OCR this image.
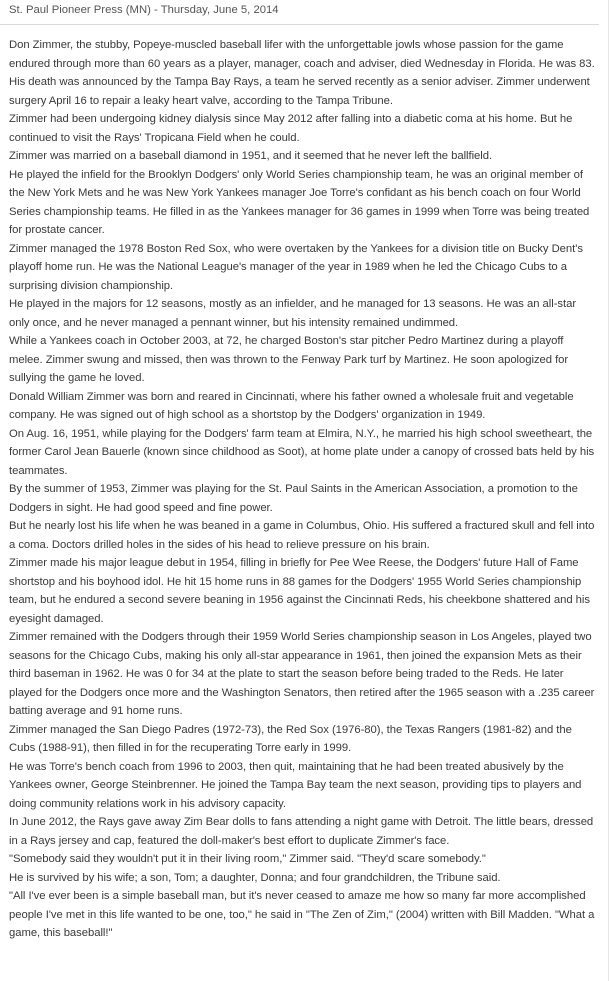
St. Paul Pioneer Press (MN) - Thursday, June 5, 2014

Don Zimmer, the stubby, Popeye-muscled baseball lifer with the unforgettable jowls whose passion for the game endured through more than 60 years as a player, manager, coach and adviser, died Wednesday in Florida. He was 83.

His death was announced by the Tampa Bay Rays, a team he served recently as a senior adviser. Zimmer underwent surgery April 16 to repair a leaky heart valve, according to the Tampa Tribune.

Zimmer had been undergoing kidney dialysis since May 2012 after falling into a diabetic coma at his home. But he continued to visit the Rays' Tropicana Field when he could.

Zimmer was married on a baseball diamond in 1951, and it seemed that he never left the ballfield.

He played the infield for the Brooklyn Dodgers' only World Series championship team, he was an original member of the New York Mets and he was New York Yankees manager Joe Torre's confidant as his bench coach on four World Series championship teams. He filled in as the Yankees manager for 36 games in 1999 when Torre was being treated for prostate cancer.

Zimmer managed the 1978 Boston Red Sox, who were overtaken by the Yankees for a division title on Bucky Dent's playoff home run. He was the National League's manager of the year in 1989 when he led the Chicago Cubs to a surprising division championship.

He played in the majors for 12 seasons, mostly as an infielder, and he managed for 13 seasons. He was an all-star only once, and he never managed a pennant winner, but his intensity remained undimmed.

While a Yankees coach in October 2003, at 72, he charged Boston's star pitcher Pedro Martinez during a playoff melee. Zimmer swung and missed, then was thrown to the Fenway Park turf by Martinez. He soon apologized for sullying the game he loved.

Donald William Zimmer was born and reared in Cincinnati, where his father owned a wholesale fruit and vegetable company. He was signed out of high school as a shortstop by the Dodgers' organization in 1949.

On Aug. 16, 1951, while playing for the Dodgers' farm team at Elmira, N.Y., he married his high school sweetheart, the former Carol Jean Bauerle (known since childhood as Soot), at home plate under a canopy of crossed bats held by his teammates.

By the summer of 1953, Zimmer was playing for the St. Paul Saints in the American Association, a promotion to the Dodgers in sight. He had good speed and fine power.

But he nearly lost his life when he was beaned in a game in Columbus, Ohio. His suffered a fractured skull and fell into a coma. Doctors drilled holes in the sides of his head to relieve pressure on his brain.

Zimmer made his major league debut in 1954, filling in briefly for Pee Wee Reese, the Dodgers' future Hall of Fame shortstop and his boyhood idol. He hit 15 home runs in 88 games for the Dodgers' 1955 World Series championship team, but he endured a second severe beaning in 1956 against the Cincinnati Reds, his cheekbone shattered and his eyesight damaged.

Zimmer remained with the Dodgers through their 1959 World Series championship season in Los Angeles, played two seasons for the Chicago Cubs, making his only all-star appearance in 1961, then joined the expansion Mets as their third baseman in 1962. He was 0 for 34 at the plate to start the season before being traded to the Reds. He later played for the Dodgers once more and the Washington Senators, then retired after the 1965 season with a .235 career batting average and 91 home runs.

Zimmer managed the San Diego Padres (1972-73), the Red Sox (1976-80), the Texas Rangers (1981-82) and the Cubs (1988-91), then filled in for the recuperating Torre early in 1999.

He was Torre's bench coach from 1996 to 2003, then quit, maintaining that he had been treated abusively by the Yankees owner, George Steinbrenner. He joined the Tampa Bay team the next season, providing tips to players and doing community relations work in his advisory capacity.

In June 2012, the Rays gave away Zim Bear dolls to fans attending a night game with Detroit. The little bears, dressed in a Rays jersey and cap, featured the doll-maker's best effort to duplicate Zimmer's face.

"Somebody said they wouldn't put it in their living room," Zimmer said. "They'd scare somebody."

He is survived by his wife; a son, Tom; a daughter, Donna; and four grandchildren, the Tribune said.

"All I've ever been is a simple baseball man, but it's never ceased to amaze me how so many far more accomplished people I've met in this life wanted to be one, too," he said in "The Zen of Zim," (2004) written with Bill Madden. "What a game, this baseball!"
